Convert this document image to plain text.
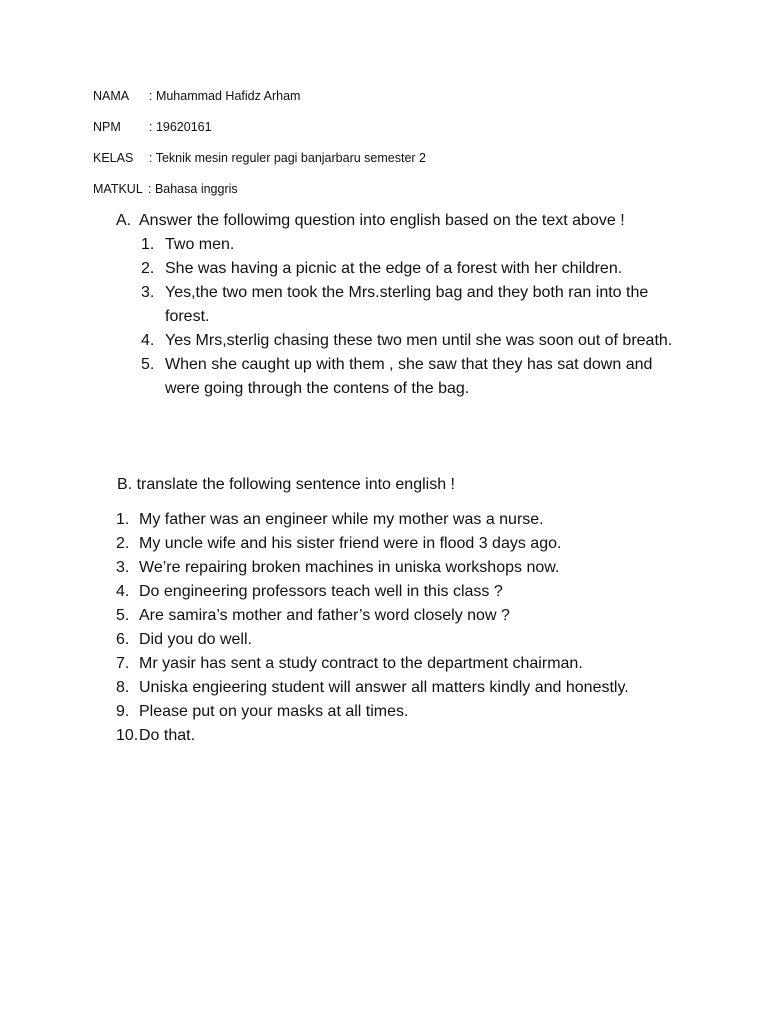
NAMA : Muhammad Hafidz Arham
NPM : 19620161
KELAS : Teknik mesin reguler pagi banjarbaru semester 2
MATKUL : Bahasa inggris
A. Answer the followimg question into english based on the text above !
1. Two men.
2. She was having a picnic at the edge of a forest with her children.
3. Yes,the two men took the Mrs.sterling bag and they both ran into the forest.
4. Yes Mrs,sterlig chasing these two men until she was soon out of breath.
5. When she caught up with them , she saw that they has sat down and were going through the contens of the bag.
B. translate the following sentence into english !
1. My father was an engineer while my mother was a nurse.
2. My uncle wife and his sister friend were in flood 3 days ago.
3. We’re repairing broken machines in uniska workshops now.
4. Do engineering professors teach well in this class ?
5. Are samira’s mother and father’s word closely now ?
6. Did you do well.
7. Mr yasir has sent a study contract to the department chairman.
8. Uniska engieering student will answer all matters kindly and honestly.
9. Please put on your masks at all times.
10. Do that.
